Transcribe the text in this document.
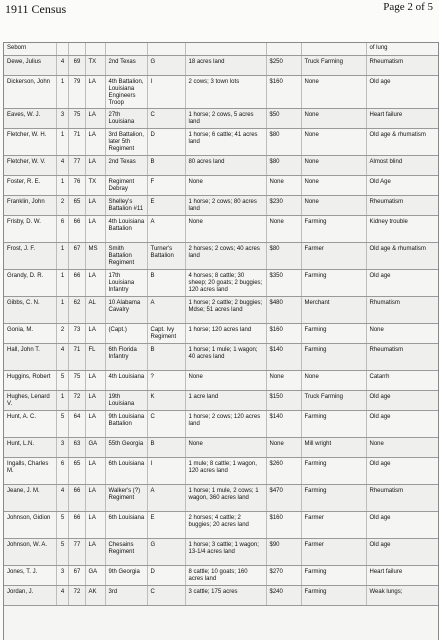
1911 Census	Page 2 of 5
Seborn									of lung
Dewe, Julius	4	69	TX	2nd Texas	G	18 acres land	$250	Truck Farming	Rheumatism
Dickerson, John	1	79	LA	4th Battalion, Louisiana Engineers Troop	I	2 cows; 3 town lots	$160	None	Old age
Eaves, W. J.	3	75	LA	27th Louisiana	C	1 horse; 2 cows, 5 acres land	$50	None	Heart failure
Fletcher, W. H.	1	71	LA	3rd Battalion, later 5th Regiment	D	1 horse; 6 cattle; 41 acres land	$80	None	Old age & rhumatism
Fletcher, W. V.	4	77	LA	2nd Texas	B	80 acres land	$80	None	Almost blind
Foster, R. E.	1	76	TX	Regiment Debray	F	None	None	None	Old Age
Franklin, John	2	65	LA	Shelley's Battalion #11	E	1 horse; 2 cows; 80 acres land	$230	None	Rheumatism
Frisby, D. W.	6	66	LA	4th Louisiana Battalion	A	None	None	Farming	Kidney trouble
Frost, J. F.	1	67	MS	Smith Battalion Regiment	Turner's Battalion	2 horses; 2 cows; 40 acres land	$80	Farmer	Old age & rhumatism
Grandy, D. R.	1	66	LA	17th Louisiana Infantry	B	4 horses; 8 cattle; 30 sheep; 20 goats; 2 buggies; 120 acres land	$350	Farming	Old age
Gibbs, C. N.	1	62	AL	10 Alabama Cavalry	A	1 horse; 2 cattle; 2 buggies; Mdse; 51 acres land	$480	Merchant	Rhumatism
Gonia, M.	2	73	LA	(Capt.)	Capt. Ivy Regiment	1 horse; 120 acres land	$160	Farming	None
Hall, John T.	4	71	FL	6th Florida Infantry	B	1 horse; 1 mule; 1 wagon; 40 acres land	$140	Farming	Rheumatism
Huggins, Robert	5	75	LA	4th Louisiana	?	None	None	None	Catarrh
Hughes, Lenard V.	1	72	LA	19th Louisiana	K	1 acre land	$150	Truck Farming	Old age
Hunt, A. C.	5	64	LA	9th Louisiana Battalion	C	1 horse; 2 cows; 120 acres land	$140	Farming	Old age
Hunt, L.N.	3	63	GA	55th Georgia	B	None	None	Mill wright	None
Ingalls, Charles M.	6	65	LA	6th Louisiana	I	1 mule; 8 cattle; 1 wagon, 120 acres land	$260	Farming	Old age
Jeane, J. M.	4	66	LA	Walker's (?) Regiment	A	1 horse; 1 mule, 2 cows; 1 wagon, 360 acres land	$470	Farming	Rheumatism
Johnson, Gidion	5	66	LA	6th Louisiana	E	2 horses; 4 cattle; 2 buggies; 20 acres land	$160	Farmer	Old age
Johnson, W. A.	5	77	LA	Chesains Regiment	G	1 horse; 3 cattle; 1 wagon; 13-1/4 acres land	$90	Farmer	Old age
Jones, T. J.	3	67	GA	9th Georgia	D	8 cattle; 10 goats; 160 acres land	$270	Farming	Heart failure
Jordan, J.	4	72	AK	3rd	C	3 cattle; 175 acres	$240	Farming	Weak lungs;
